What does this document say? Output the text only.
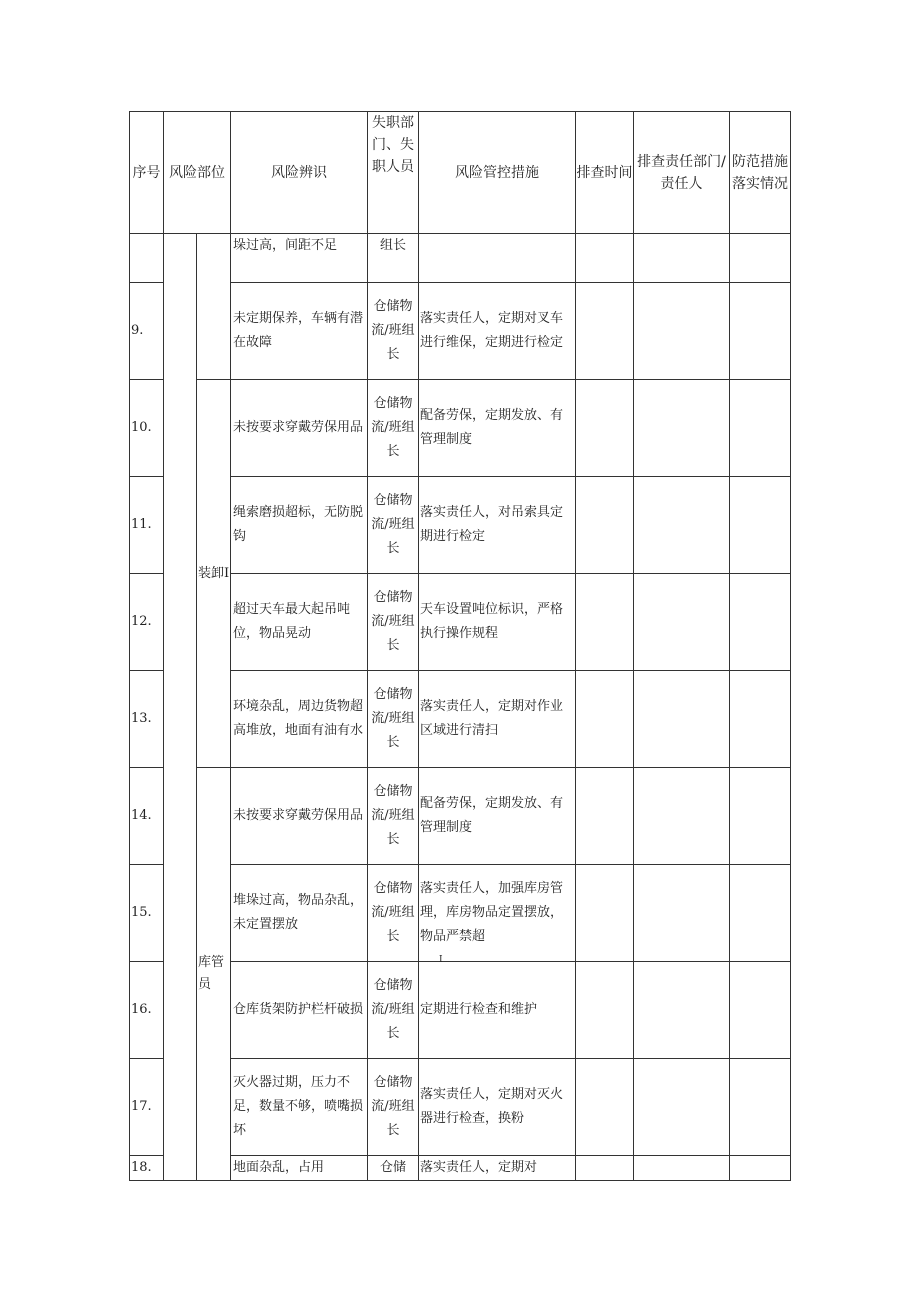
序号	风险部位		风险辨识	失职部门、失职人员	风险管控措施	排查时间	排查责任部门/责任人	防范措施落实情况
			垛过高，间距不足	组长				
9.			未定期保养，车辆有潜在故障	仓储物流/班组长	落实责任人，定期对叉车进行维保，定期进行检定			
10.		装卸I	未按要求穿戴劳保用品	仓储物流/班组长	配备劳保，定期发放、有管理制度			
11.			绳索磨损超标，无防脱钩	仓储物流/班组长	落实责任人，对吊索具定期进行检定			
12.			超过天车最大起吊吨位，物品晃动	仓储物流/班组长	天车设置吨位标识，严格执行操作规程			
13.			环境杂乱，周边货物超高堆放，地面有油有水	仓储物流/班组长	落实责任人，定期对作业区域进行清扫			
14.		库管员	未按要求穿戴劳保用品	仓储物流/班组长	配备劳保，定期发放、有管理制度			
15.			堆垛过高，物品杂乱，未定置摆放	仓储物流/班组长	落实责任人，加强库房管理，库房物品定置摆放，物品严禁超			
16.			仓库货架防护栏杆破损	仓储物流/班组长	定期进行检查和维护			
17.			灭火器过期，压力不足，数量不够，喷嘴损坏	仓储物流/班组长	落实责任人，定期对灭火器进行检查，换粉			
18.			地面杂乱，占用	仓储	落实责任人，定期对			
I
